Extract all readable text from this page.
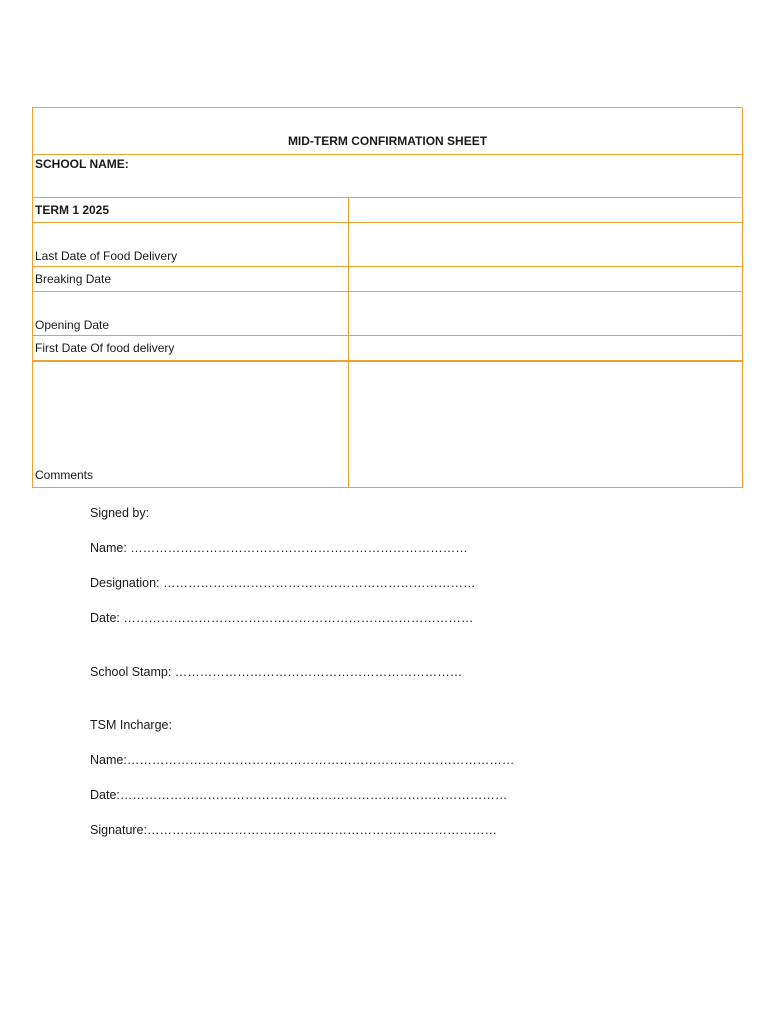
MID-TERM CONFIRMATION SHEET	
SCHOOL NAME:	
TERM 1 2025	
Last Date of Food Delivery	
Breaking Date	
Opening Date	
First Date Of food delivery	
Comments	
Signed by:
Name: ………………………………………………………………………
Designation: …………………………………………………………………
Date: …………………………………………………………………………
School Stamp: ……………………………………………………………
TSM Incharge:
Name:…………………………………………………………………………………
Date:…………………………………………………………………………………
Signature:…………………………………………………………………………
